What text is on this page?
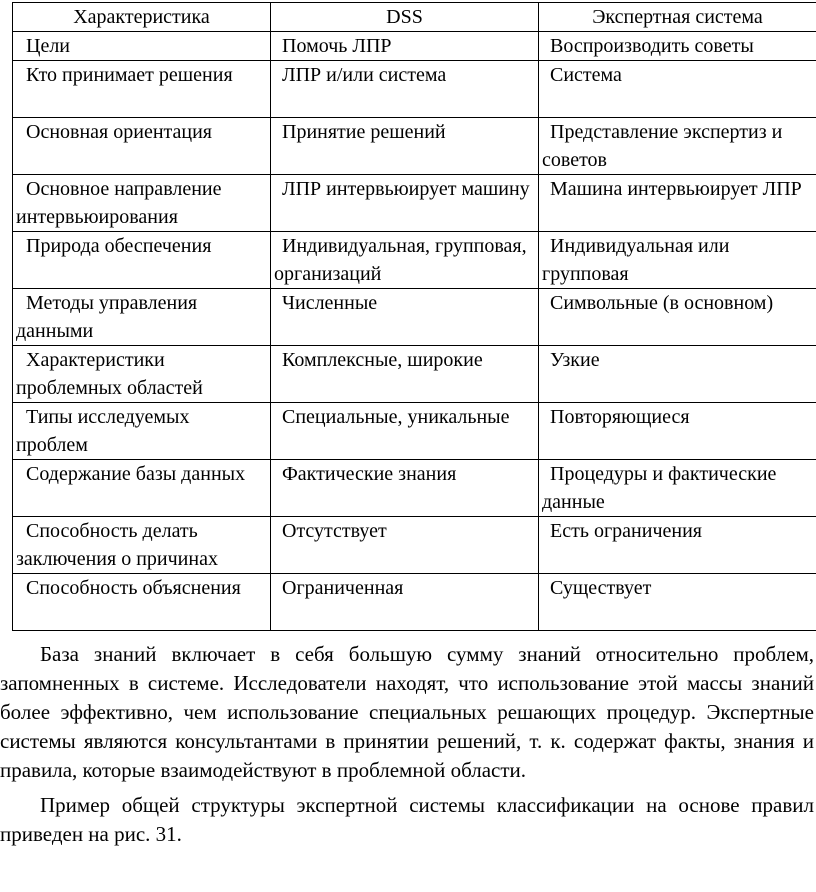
Характеристика	DSS	Экспертная система

Цели	Помочь ЛПР	Воспроизводить советы

Кто принимает решения	ЛПР и/или система	Система

Основная ориентация	Принятие решений	Представление экспертиз и советов

Основное направление интервьюирования	ЛПР интервьюирует машину	Машина интервьюирует ЛПР

Природа обеспечения	Индивидуальная, групповая, организаций	Индивидуальная или групповая

Методы управления данными	Численные	Символьные (в основном)

Характеристики проблемных областей	Комплексные, широкие	Узкие

Типы исследуемых проблем	Специальные, уникальные	Повторяющиеся

Содержание базы данных	Фактические знания	Процедуры и фактические данные

Способность делать заключения о причинах	Отсутствует	Есть ограничения

Способность объяснения	Ограниченная	Существует

База знаний включает в себя большую сумму знаний относительно проблем, запомненных в системе. Исследователи находят, что использование этой массы знаний более эффективно, чем использование специальных решающих процедур. Экспертные системы являются консультантами в принятии решений, т. к. содержат факты, знания и правила, которые взаимодействуют в проблемной области.

Пример общей структуры экспертной системы классификации на основе правил приведен на рис. 31.
